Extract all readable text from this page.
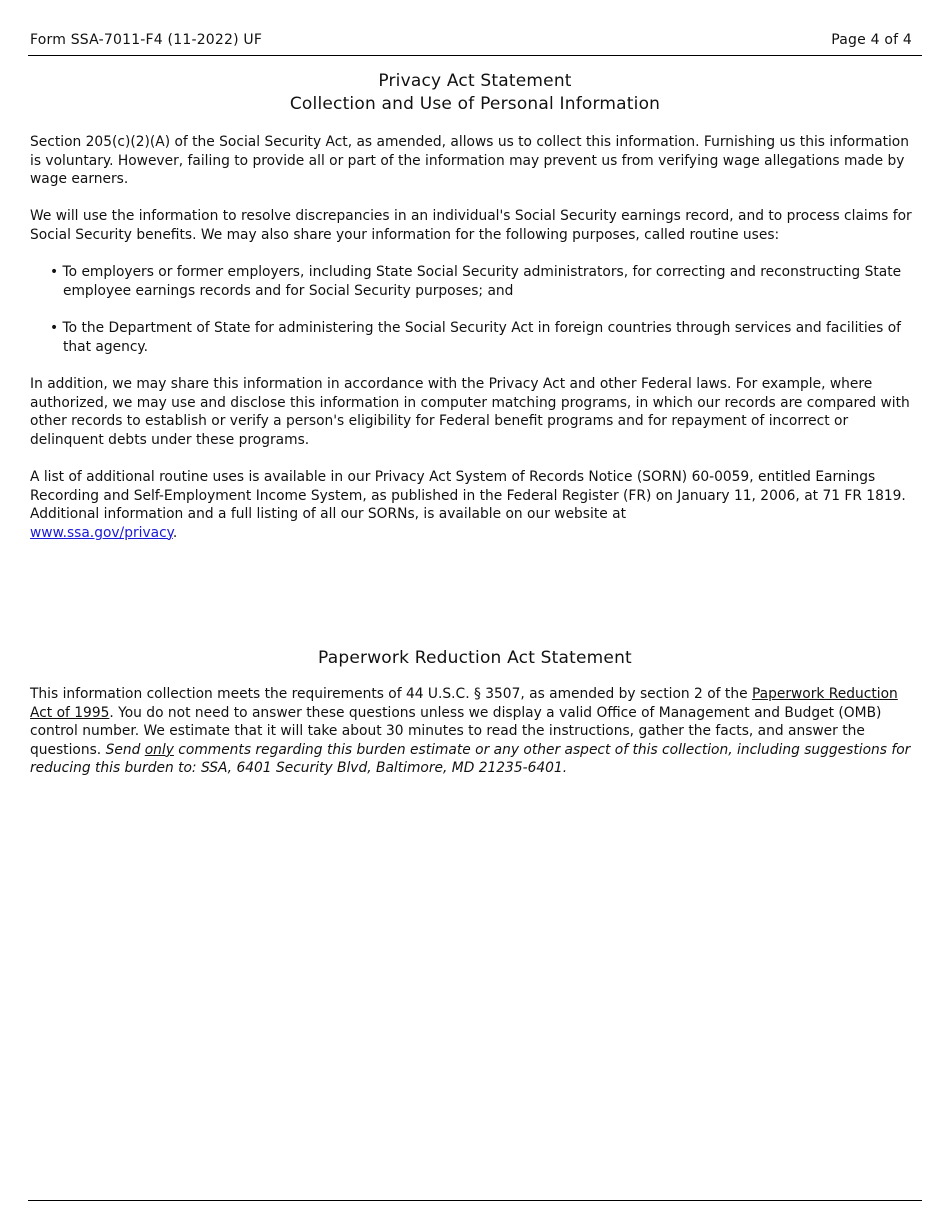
Form SSA-7011-F4 (11-2022) UF	Page 4 of 4
Privacy Act Statement
Collection and Use of Personal Information

Section 205(c)(2)(A) of the Social Security Act, as amended, allows us to collect this information. Furnishing us this information is voluntary. However, failing to provide all or part of the information may prevent us from verifying wage allegations made by wage earners.

We will use the information to resolve discrepancies in an individual's Social Security earnings record, and to process claims for Social Security benefits. We may also share your information for the following purposes, called routine uses:

• To employers or former employers, including State Social Security administrators, for correcting and reconstructing State employee earnings records and for Social Security purposes; and

• To the Department of State for administering the Social Security Act in foreign countries through services and facilities of that agency.

In addition, we may share this information in accordance with the Privacy Act and other Federal laws. For example, where authorized, we may use and disclose this information in computer matching programs, in which our records are compared with other records to establish or verify a person's eligibility for Federal benefit programs and for repayment of incorrect or delinquent debts under these programs.

A list of additional routine uses is available in our Privacy Act System of Records Notice (SORN) 60-0059, entitled Earnings Recording and Self-Employment Income System, as published in the Federal Register (FR) on January 11, 2006, at 71 FR 1819. Additional information and a full listing of all our SORNs, is available on our website at
www.ssa.gov/privacy.

Paperwork Reduction Act Statement

This information collection meets the requirements of 44 U.S.C. § 3507, as amended by section 2 of the Paperwork Reduction Act of 1995. You do not need to answer these questions unless we display a valid Office of Management and Budget (OMB) control number. We estimate that it will take about 30 minutes to read the instructions, gather the facts, and answer the questions. Send only comments regarding this burden estimate or any other aspect of this collection, including suggestions for reducing this burden to: SSA, 6401 Security Blvd, Baltimore, MD 21235-6401.
